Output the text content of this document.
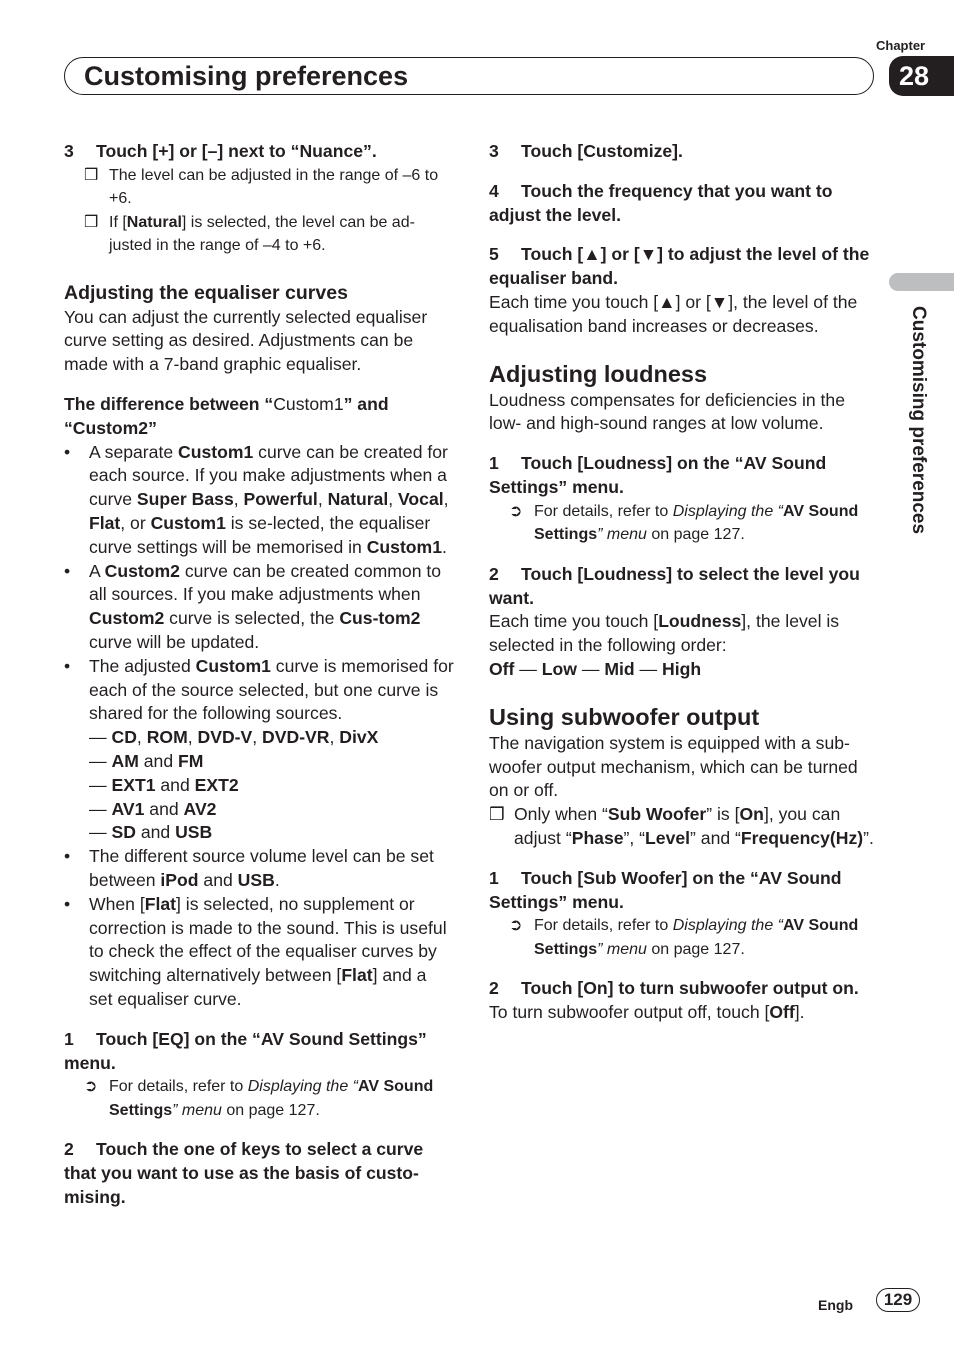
Chapter
28
Customising preferences
Customising preferences

3 Touch [+] or [–] next to “Nuance”.

❒ The level can be adjusted in the range of –6 to +6.

❒ If [Natural] is selected, the level can be ad-justed in the range of –4 to +6.

Adjusting the equaliser curves

You can adjust the currently selected equaliser curve setting as desired. Adjustments can be made with a 7-band graphic equaliser.

The difference between “Custom1” and “Custom2”

• A separate Custom1 curve can be created for each source. If you make adjustments when a curve Super Bass, Powerful, Natural, Vocal, Flat, or Custom1 is se-lected, the equaliser curve settings will be memorised in Custom1.

• A Custom2 curve can be created common to all sources. If you make adjustments when Custom2 curve is selected, the Cus-tom2 curve will be updated.

• The adjusted Custom1 curve is memorised for each of the source selected, but one curve is shared for the following sources.

— CD, ROM, DVD-V, DVD-VR, DivX

— AM and FM

— EXT1 and EXT2

— AV1 and AV2

— SD and USB

• The different source volume level can be set between iPod and USB.

• When [Flat] is selected, no supplement or correction is made to the sound. This is useful to check the effect of the equaliser curves by switching alternatively between [Flat] and a set equaliser curve.

1 Touch [EQ] on the “AV Sound Settings” menu.

➲ For details, refer to Displaying the “AV Sound Settings” menu on page 127.

2 Touch the one of keys to select a curve that you want to use as the basis of custo-mising.

3 Touch [Customize].

4 Touch the frequency that you want to adjust the level.

5 Touch [▲] or [▼] to adjust the level of the equaliser band.

Each time you touch [▲] or [▼], the level of the equalisation band increases or decreases.

Adjusting loudness

Loudness compensates for deficiencies in the low- and high-sound ranges at low volume.

1 Touch [Loudness] on the “AV Sound Settings” menu.

➲ For details, refer to Displaying the “AV Sound Settings” menu on page 127.

2 Touch [Loudness] to select the level you want.

Each time you touch [Loudness], the level is selected in the following order:

Off — Low — Mid — High

Using subwoofer output

The navigation system is equipped with a sub-woofer output mechanism, which can be turned on or off.

❒ Only when “Sub Woofer” is [On], you can adjust “Phase”, “Level” and “Frequency(Hz)”.

1 Touch [Sub Woofer] on the “AV Sound Settings” menu.

➲ For details, refer to Displaying the “AV Sound Settings” menu on page 127.

2 Touch [On] to turn subwoofer output on.

To turn subwoofer output off, touch [Off].

Engb	129
